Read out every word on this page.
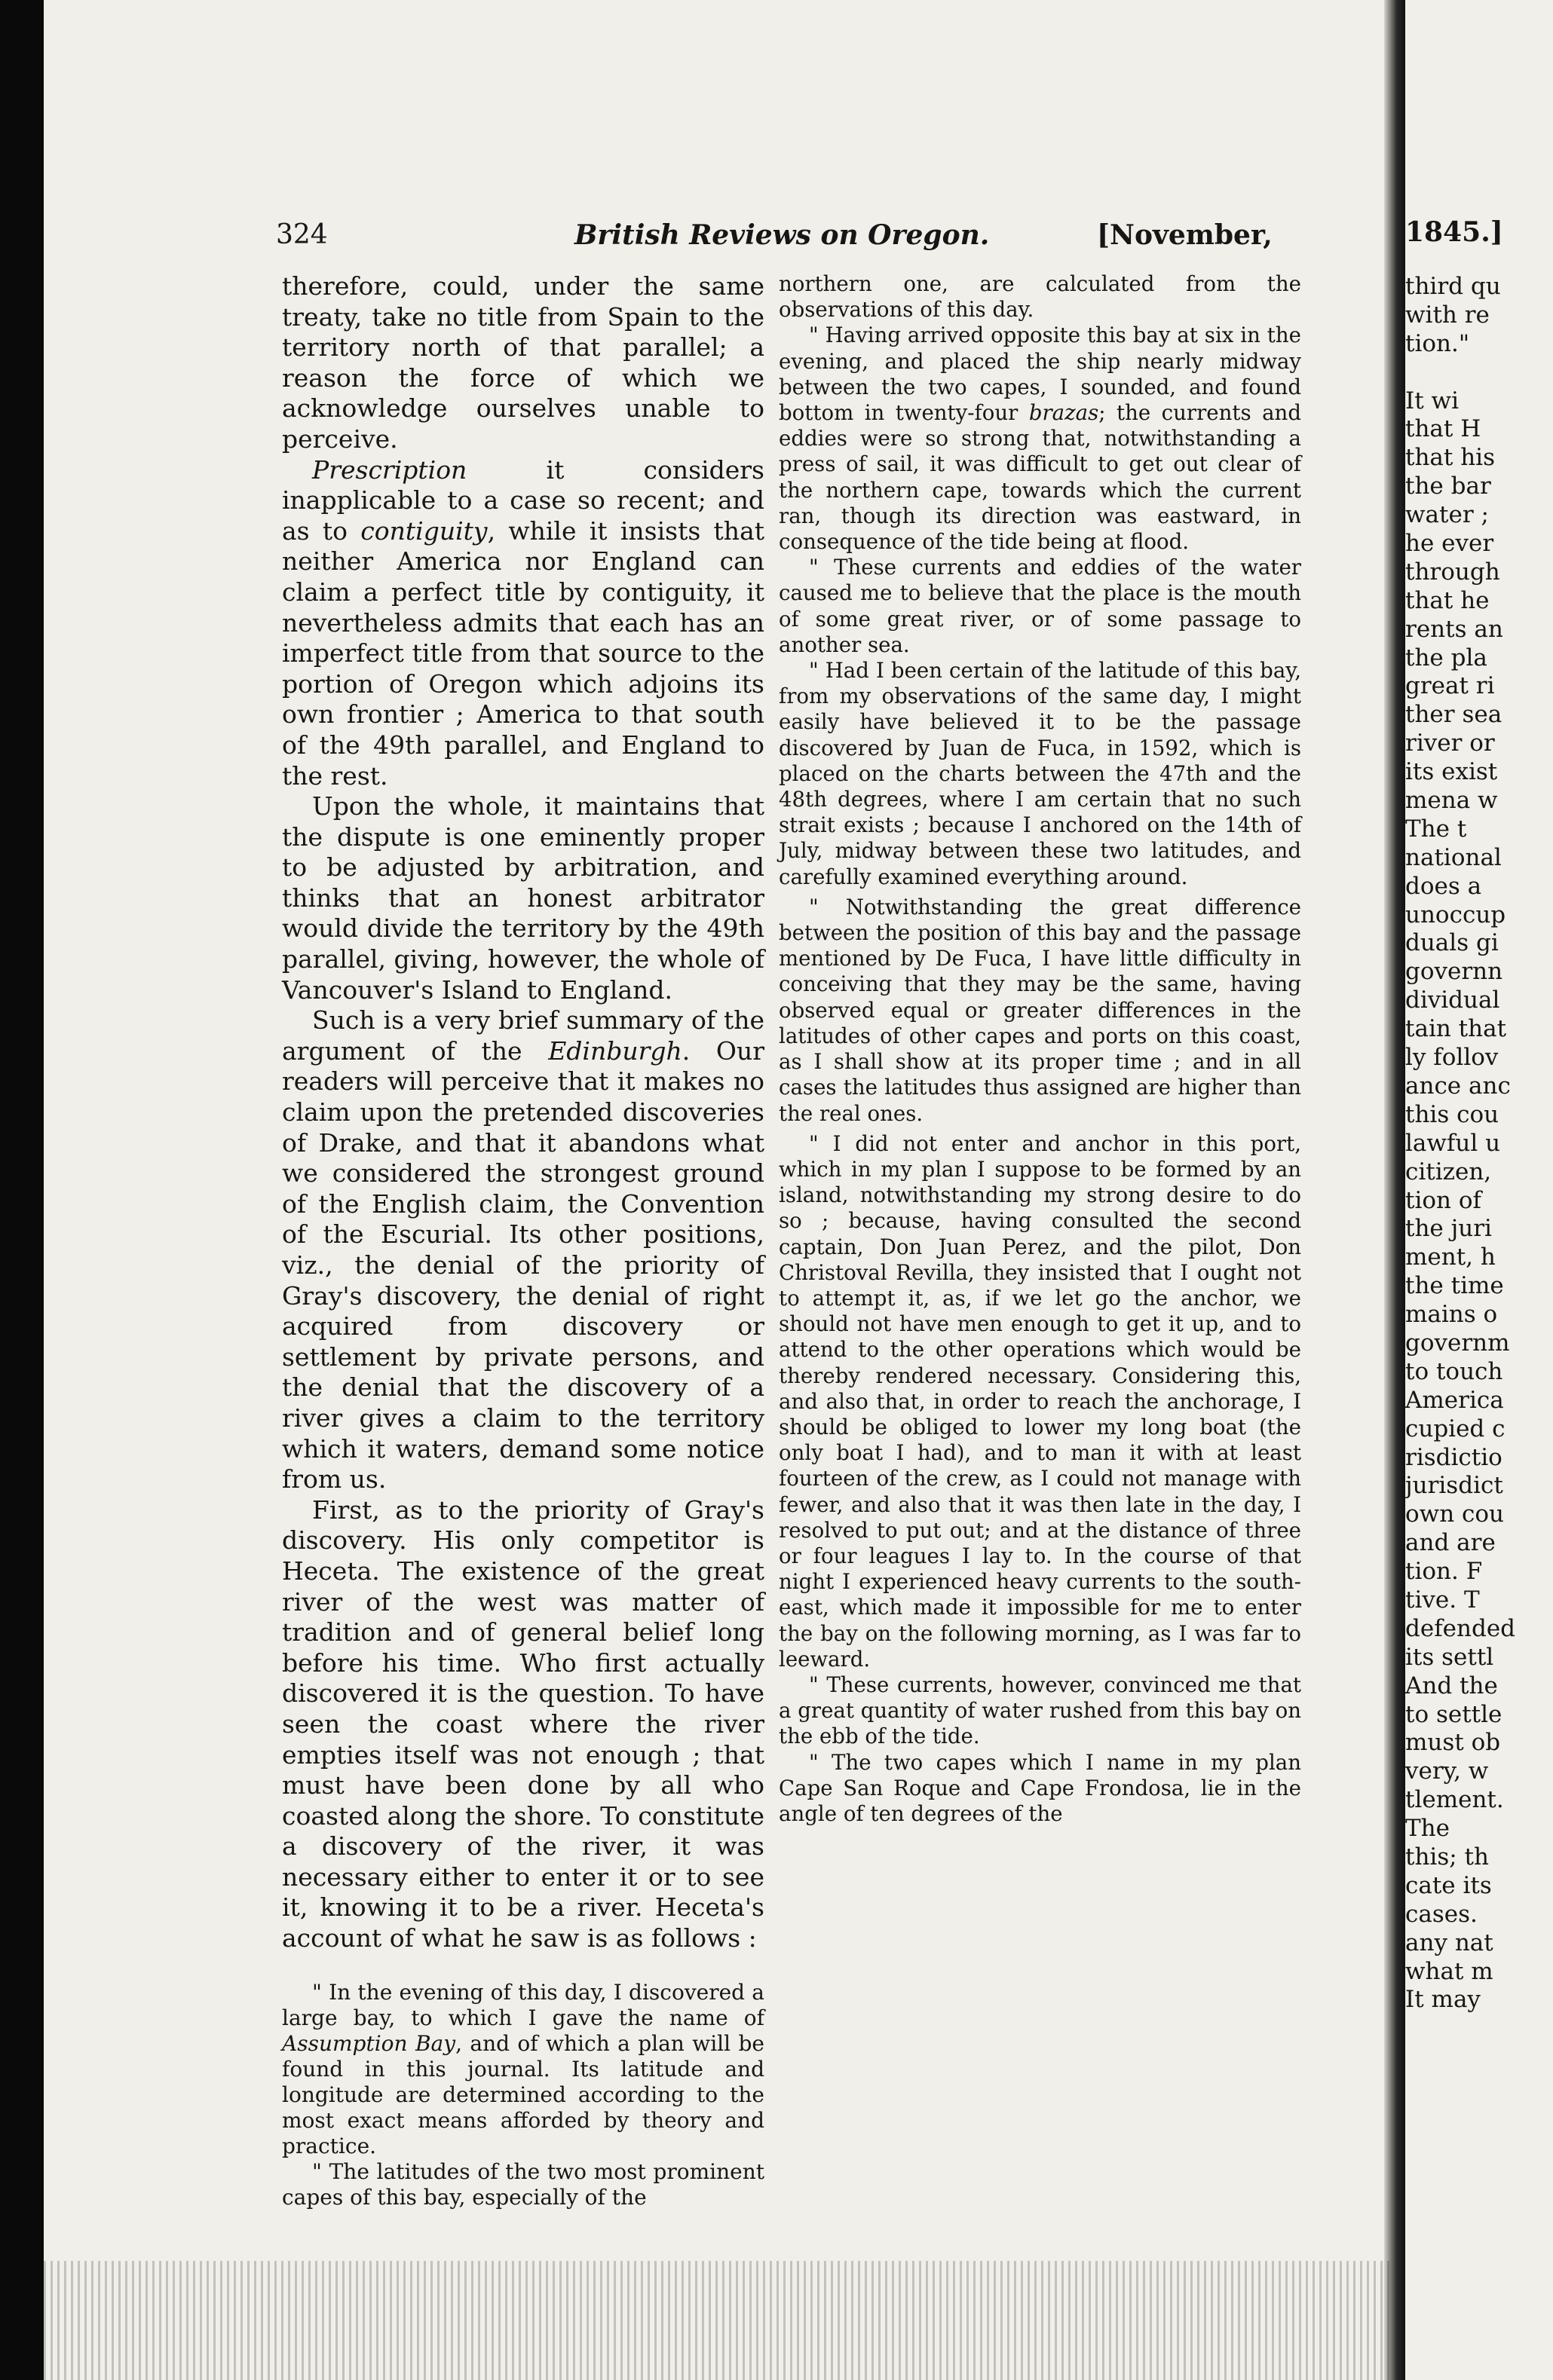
324	British Reviews on Oregon.	[November,

therefore, could, under the same treaty, take no title from Spain to the territory north of that parallel; a reason the force of which we acknowledge ourselves unable to perceive.

Prescription it considers inapplicable to a case so recent; and as to contiguity, while it insists that neither America nor England can claim a perfect title by contiguity, it nevertheless admits that each has an imperfect title from that source to the portion of Oregon which adjoins its own frontier ; America to that south of the 49th parallel, and England to the rest.

Upon the whole, it maintains that the dispute is one eminently proper to be adjusted by arbitration, and thinks that an honest arbitrator would divide the territory by the 49th parallel, giving, however, the whole of Vancouver's Island to England.

Such is a very brief summary of the argument of the Edinburgh. Our readers will perceive that it makes no claim upon the pretended discoveries of Drake, and that it abandons what we considered the strongest ground of the English claim, the Convention of the Escurial. Its other positions, viz., the denial of the priority of Gray's discovery, the denial of right acquired from discovery or settlement by private persons, and the denial that the discovery of a river gives a claim to the territory which it waters, demand some notice from us.

First, as to the priority of Gray's discovery. His only competitor is Heceta. The existence of the great river of the west was matter of tradition and of general belief long before his time. Who first actually discovered it is the question. To have seen the coast where the river empties itself was not enough ; that must have been done by all who coasted along the shore. To constitute a discovery of the river, it was necessary either to enter it or to see it, knowing it to be a river. Heceta's account of what he saw is as follows :

" In the evening of this day, I discovered a large bay, to which I gave the name of Assumption Bay, and of which a plan will be found in this journal. Its latitude and longitude are determined according to the most exact means afforded by theory and practice.

" The latitudes of the two most prominent capes of this bay, especially of the

northern one, are calculated from the observations of this day.

" Having arrived opposite this bay at six in the evening, and placed the ship nearly midway between the two capes, I sounded, and found bottom in twenty-four brazas; the currents and eddies were so strong that, notwithstanding a press of sail, it was difficult to get out clear of the northern cape, towards which the current ran, though its direction was eastward, in consequence of the tide being at flood.

" These currents and eddies of the water caused me to believe that the place is the mouth of some great river, or of some passage to another sea.

" Had I been certain of the latitude of this bay, from my observations of the same day, I might easily have believed it to be the passage discovered by Juan de Fuca, in 1592, which is placed on the charts between the 47th and the 48th degrees, where I am certain that no such strait exists ; because I anchored on the 14th of July, midway between these two latitudes, and carefully examined everything around.

" Notwithstanding the great difference between the position of this bay and the passage mentioned by De Fuca, I have little difficulty in conceiving that they may be the same, having observed equal or greater differences in the latitudes of other capes and ports on this coast, as I shall show at its proper time ; and in all cases the latitudes thus assigned are higher than the real ones.

" I did not enter and anchor in this port, which in my plan I suppose to be formed by an island, notwithstanding my strong desire to do so ; because, having consulted the second captain, Don Juan Perez, and the pilot, Don Christoval Revilla, they insisted that I ought not to attempt it, as, if we let go the anchor, we should not have men enough to get it up, and to attend to the other operations which would be thereby rendered necessary. Considering this, and also that, in order to reach the anchorage, I should be obliged to lower my long boat (the only boat I had), and to man it with at least fourteen of the crew, as I could not manage with fewer, and also that it was then late in the day, I resolved to put out; and at the distance of three or four leagues I lay to. In the course of that night I experienced heavy currents to the south-east, which made it impossible for me to enter the bay on the following morning, as I was far to leeward.

" These currents, however, convinced me that a great quantity of water rushed from this bay on the ebb of the tide.

" The two capes which I name in my plan Cape San Roque and Cape Frondosa, lie in the angle of ten degrees of the

1845.]
third qu
with re
tion."
It wi
that H
that his
the bar
water ;
he ever
through
that he
rents an
the pla
great ri
ther sea
river or
its exist
mena w
The t
national
does a
unoccup
duals gi
governn
dividual
tain that
ly follov
ance anc
this cou
lawful u
citizen,
tion of
the juri
ment, h
the time
mains o
governm
to touch
America
cupied c
risdictio
jurisdict
own cou
and are
tion. F
tive. T
defended
its settl
And the
to settle
must ob
very, w
tlement.
The
this; th
cate its
cases.
any nat
what m
It may
